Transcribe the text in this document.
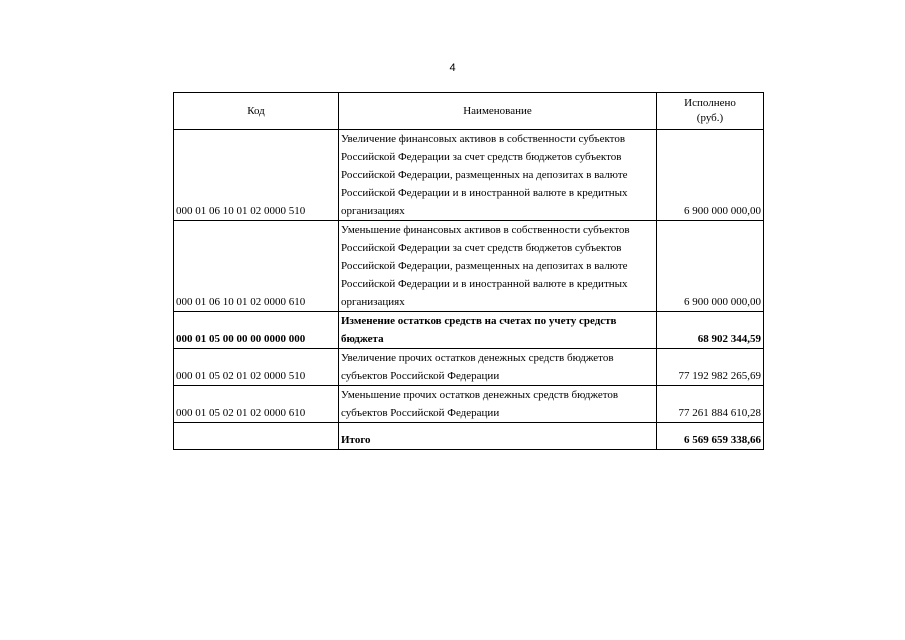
4
Код	Наименование	Исполнено
(руб.)
000 01 06 10 01 02 0000 510	Увеличение финансовых активов в собственности субъектов Российской Федерации за счет средств бюджетов субъектов Российской Федерации, размещенных на депозитах в валюте Российской Федерации и в иностранной валюте в кредитных организациях	6 900 000 000,00
000 01 06 10 01 02 0000 610	Уменьшение финансовых активов в собственности субъектов Российской Федерации за счет средств бюджетов субъектов Российской Федерации, размещенных на депозитах в валюте Российской Федерации и в иностранной валюте в кредитных организациях	6 900 000 000,00
000 01 05 00 00 00 0000 000	Изменение остатков средств на счетах по учету средств бюджета	68 902 344,59
000 01 05 02 01 02 0000 510	Увеличение прочих остатков денежных средств бюджетов субъектов Российской Федерации	77 192 982 265,69
000 01 05 02 01 02 0000 610	Уменьшение прочих остатков денежных средств бюджетов субъектов Российской Федерации	77 261 884 610,28
	Итого	6 569 659 338,66
